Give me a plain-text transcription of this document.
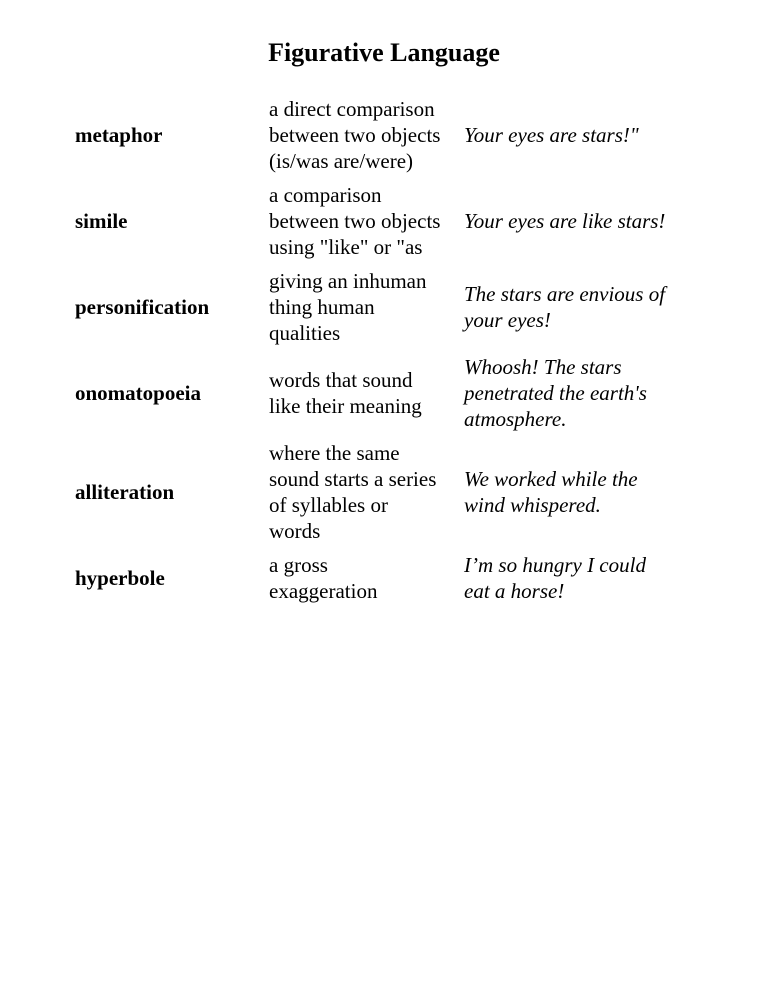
Figurative Language
metaphor	a direct comparison
between two objects
(is/was are/were)	Your eyes are stars!"

simile	a comparison
between two objects
using "like" or "as	Your eyes are like stars!

personification	giving an inhuman
thing human
qualities	The stars are envious of
your eyes!

onomatopoeia	words that sound
like their meaning	Whoosh! The stars
penetrated the earth's
atmosphere.

alliteration	where the same
sound starts a series
of syllables or
words	We worked while the
wind whispered.

hyperbole	a gross
exaggeration	I’m so hungry I could
eat a horse!
